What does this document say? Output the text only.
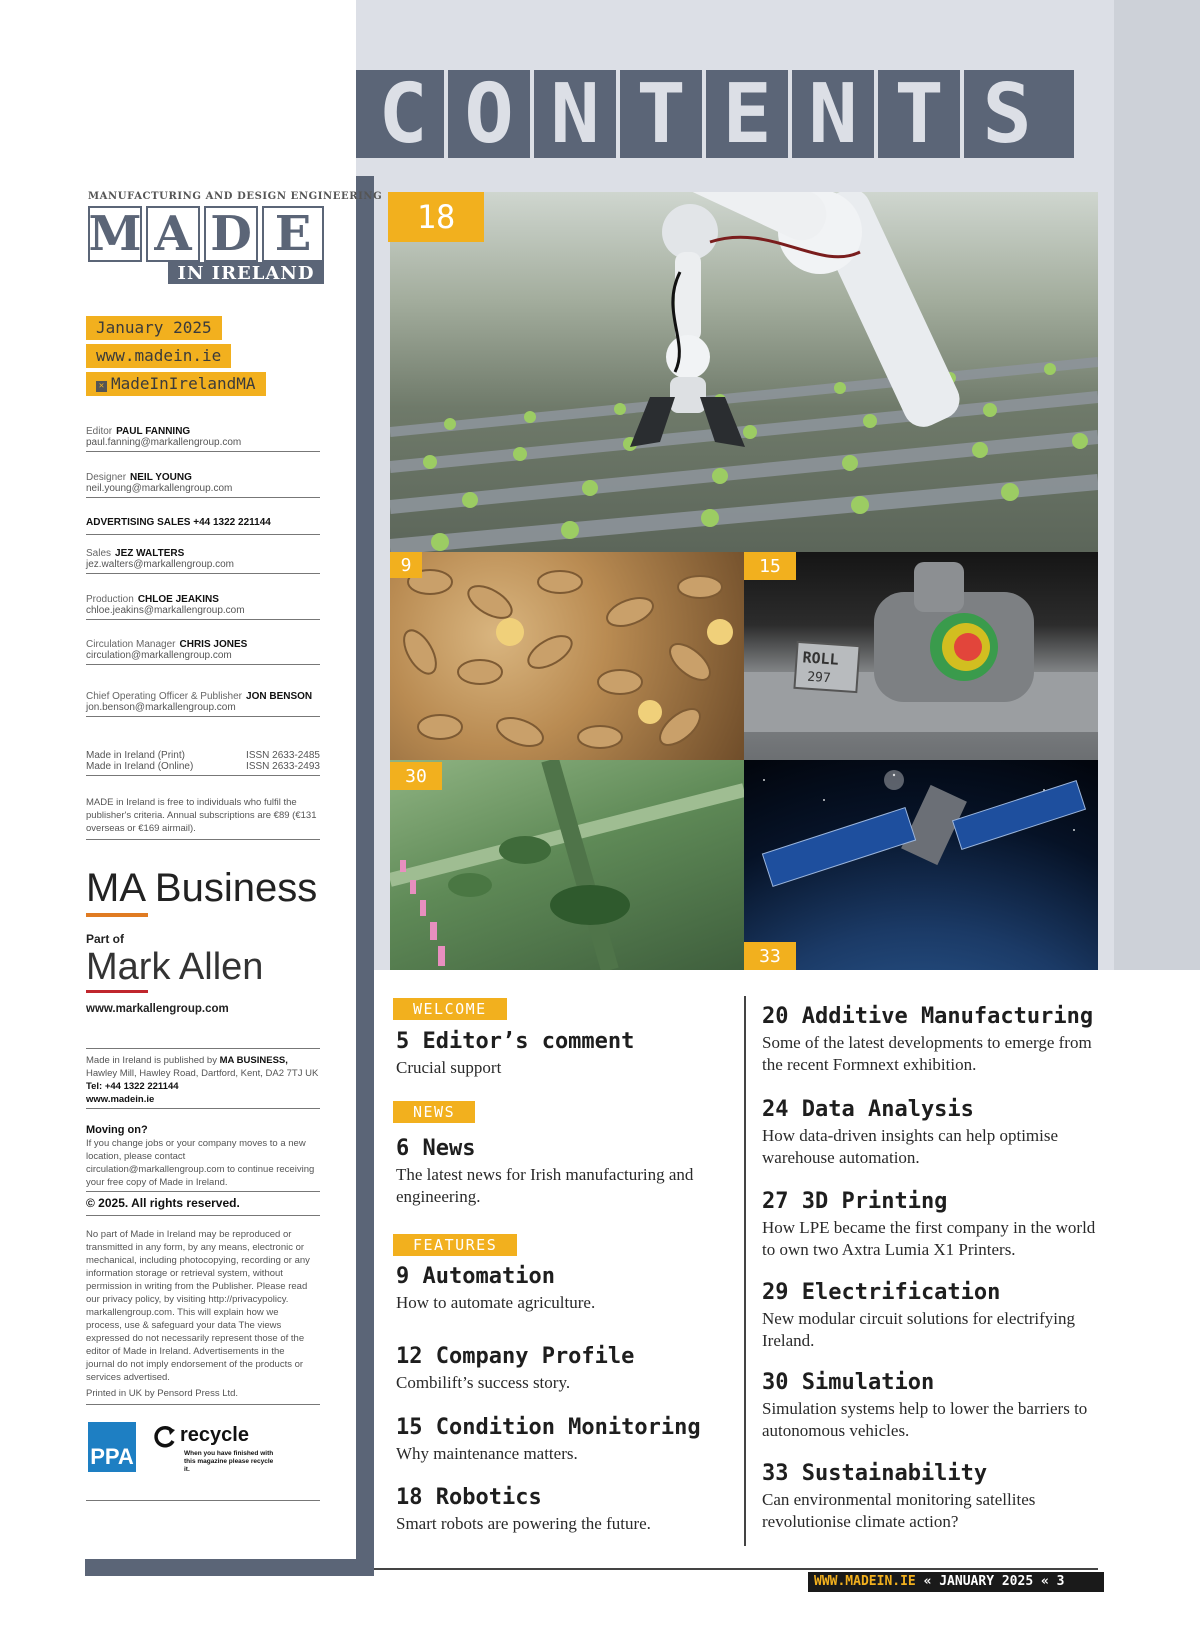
C O N T E N T S
MANUFACTURING AND DESIGN ENGINEERING
M A D E
IN IRELAND
January 2025
www.madein.ie
✕ MadeInIrelandMA
Editor PAUL FANNING
paul.fanning@markallengroup.com
Designer NEIL YOUNG
neil.young@markallengroup.com
ADVERTISING SALES +44 1322 221144
Sales JEZ WALTERS
jez.walters@markallengroup.com
Production CHLOE JEAKINS
chloe.jeakins@markallengroup.com
Circulation Manager CHRIS JONES
circulation@markallengroup.com
Chief Operating Officer & Publisher JON BENSON
jon.benson@markallengroup.com
Made in Ireland (Print)	ISSN 2633-2485
Made in Ireland (Online)	ISSN 2633-2493
MADE in Ireland is free to individuals who fulfil the publisher's criteria. Annual subscriptions are €89 (€131 overseas or €169 airmail).
MA Business
Part of
Mark Allen
www.markallengroup.com
Made in Ireland is published by MA BUSINESS,
Hawley Mill, Hawley Road, Dartford, Kent, DA2 7TJ UK
Tel: +44 1322 221144
www.madein.ie
Moving on?
If you change jobs or your company moves to a new location, please contact circulation@markallengroup.com to continue receiving your free copy of Made in Ireland.
© 2025. All rights reserved.
No part of Made in Ireland may be reproduced or transmitted in any form, by any means, electronic or mechanical, including photocopying, recording or any information storage or retrieval system, without permission in writing from the Publisher. Please read our privacy policy, by visiting http://privacypolicy. markallengroup.com. This will explain how we process, use & safeguard your data The views expressed do not necessarily represent those of the editor of Made in Ireland. Advertisements in the journal do not imply endorsement of the products or services advertised.
Printed in UK by Pensord Press Ltd.
PPA
recycle
When you have finished with this magazine please recycle it.
ROLL
297
18
9	15
30
33
WELCOME
5 Editor’s comment
Crucial support
NEWS
6 News
The latest news for Irish manufacturing and engineering.
FEATURES
9 Automation
How to automate agriculture.
12 Company Profile
Combilift’s success story.
15 Condition Monitoring
Why maintenance matters.
18 Robotics
Smart robots are powering the future.
20 Additive Manufacturing
Some of the latest developments to emerge from the recent Formnext exhibition.
24 Data Analysis
How data-driven insights can help optimise warehouse automation.
27 3D Printing
How LPE became the first company in the world to own two Axtra Lumia X1 Printers.
29 Electrification
New modular circuit solutions for electrifying Ireland.
30 Simulation
Simulation systems help to lower the barriers to autonomous vehicles.
33 Sustainability
Can environmental monitoring satellites revolutionise climate action?
WWW.MADEIN.IE « JANUARY 2025 « 3
